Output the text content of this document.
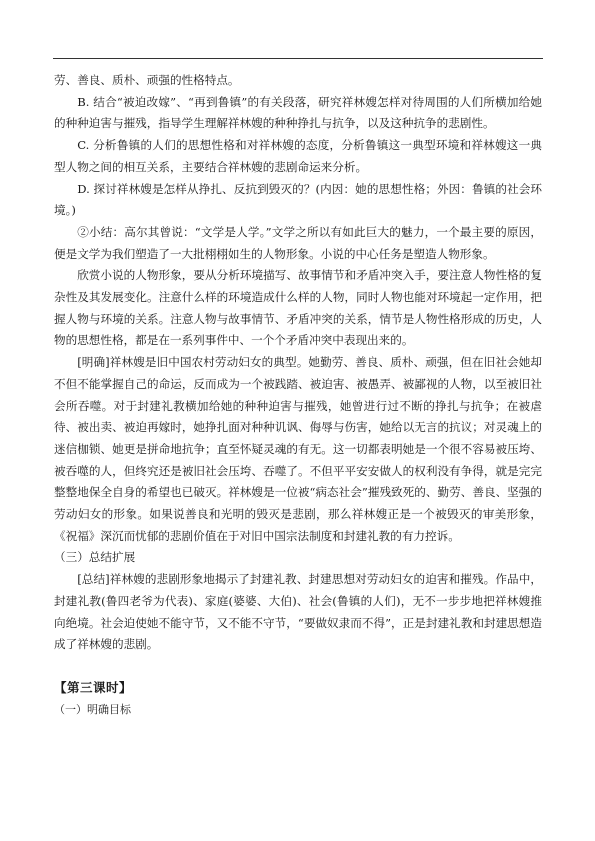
劳、善良、质朴、顽强的性格特点。

B. 结合“被迫改嫁”、“再到鲁镇”的有关段落，研究祥林嫂怎样对待周围的人们所横加给她的种种迫害与摧残，指导学生理解祥林嫂的种种挣扎与抗争，以及这种抗争的悲剧性。

C. 分析鲁镇的人们的思想性格和对祥林嫂的态度，分析鲁镇这一典型环境和祥林嫂这一典型人物之间的相互关系，主要结合祥林嫂的悲剧命运来分析。

D. 探讨祥林嫂是怎样从挣扎、反抗到毁灭的？(内因：她的思想性格；外因：鲁镇的社会环境。)

②小结：高尔其曾说：“文学是人学。”文学之所以有如此巨大的魅力，一个最主要的原因，便是文学为我们塑造了一大批栩栩如生的人物形象。小说的中心任务是塑造人物形象。

欣赏小说的人物形象，要从分析环境描写、故事情节和矛盾冲突入手，要注意人物性格的复杂性及其发展变化。注意什么样的环境造成什么样的人物，同时人物也能对环境起一定作用，把握人物与环境的关系。注意人物与故事情节、矛盾冲突的关系，情节是人物性格形成的历史，人物的思想性格，都是在一系列事件中、一个个矛盾冲突中表现出来的。

[明确]祥林嫂是旧中国农村劳动妇女的典型。她勤劳、善良、质朴、顽强，但在旧社会她却不但不能掌握自己的命运，反而成为一个被践踏、被迫害、被愚弄、被鄙视的人物，以至被旧社会所吞噬。对于封建礼教横加给她的种种迫害与摧残，她曾进行过不断的挣扎与抗争；在被虐待、被出卖、被迫再嫁时，她挣扎面对种种讥讽、侮辱与伤害，她给以无言的抗议；对灵魂上的迷信枷锁、她更是拼命地抗争；直至怀疑灵魂的有无。这一切都表明她是一个很不容易被压垮、被吞噬的人，但终究还是被旧社会压垮、吞噬了。不但平平安安做人的权利没有争得，就是完完整整地保全自身的希望也已破灭。祥林嫂是一位被“病态社会”摧残致死的、勤劳、善良、坚强的劳动妇女的形象。如果说善良和光明的毁灭是悲剧，那么祥林嫂正是一个被毁灭的审美形象，《祝福》深沉而忧郁的悲剧价值在于对旧中国宗法制度和封建礼教的有力控诉。

（三）总结扩展

[总结]祥林嫂的悲剧形象地揭示了封建礼教、封建思想对劳动妇女的迫害和摧残。作品中，封建礼教(鲁四老爷为代表)、家庭(婆婆、大伯)、社会(鲁镇的人们)，无不一步步地把祥林嫂推向绝境。社会迫使她不能守节，又不能不守节，“要做奴隶而不得”，正是封建礼教和封建思想造成了祥林嫂的悲剧。

【第三课时】

（一）明确目标
